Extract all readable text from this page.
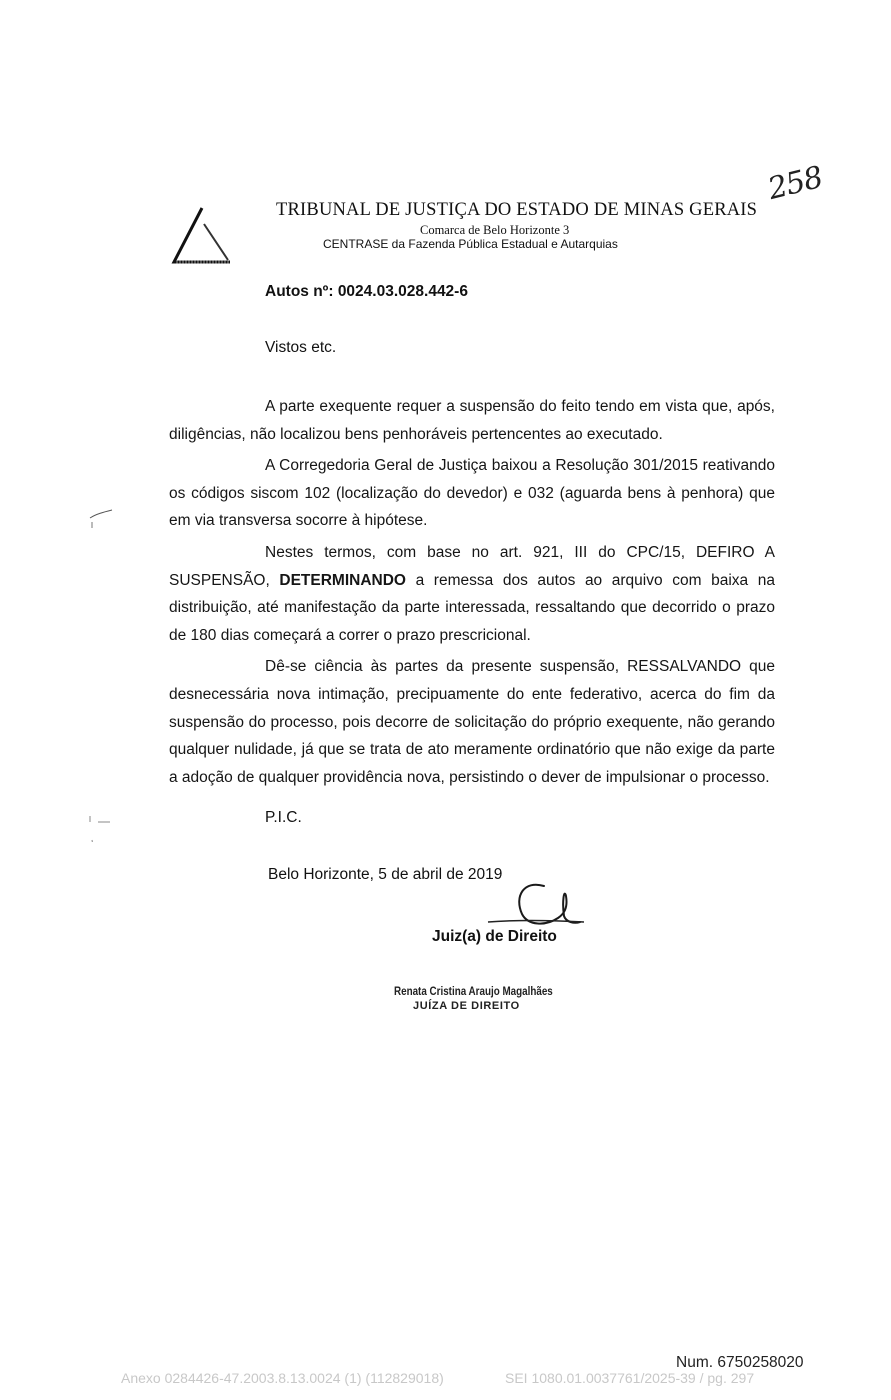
TRIBUNAL DE JUSTIÇA DO ESTADO DE MINAS GERAIS
Comarca de Belo Horizonte 3
CENTRASE da Fazenda Pública Estadual e Autarquias
258
Autos nº: 0024.03.028.442-6
Vistos etc.

A parte exequente requer a suspensão do feito tendo em vista que, após, diligências, não localizou bens penhoráveis pertencentes ao executado.

A Corregedoria Geral de Justiça baixou a Resolução 301/2015 reativando os códigos siscom 102 (localização do devedor) e 032 (aguarda bens à penhora) que em via transversa socorre à hipótese.

Nestes termos, com base no art. 921, III do CPC/15, DEFIRO A SUSPENSÃO, DETERMINANDO a remessa dos autos ao arquivo com baixa na distribuição, até manifestação da parte interessada, ressaltando que decorrido o prazo de 180 dias começará a correr o prazo prescricional.

Dê-se ciência às partes da presente suspensão, RESSALVANDO que desnecessária nova intimação, precipuamente do ente federativo, acerca do fim da suspensão do processo, pois decorre de solicitação do próprio exequente, não gerando qualquer nulidade, já que se trata de ato meramente ordinatório que não exige da parte a adoção de qualquer providência nova, persistindo o dever de impulsionar o processo.

P.I.C.
Belo Horizonte, 5 de abril de 2019
Juiz(a) de Direito
Renata Cristina Araujo Magalhães
JUÍZA DE DIREITO
Num. 6750258020
Anexo 0284426-47.2003.8.13.0024 (1) (112829018)	SEI 1080.01.0037761/2025-39 / pg. 297
